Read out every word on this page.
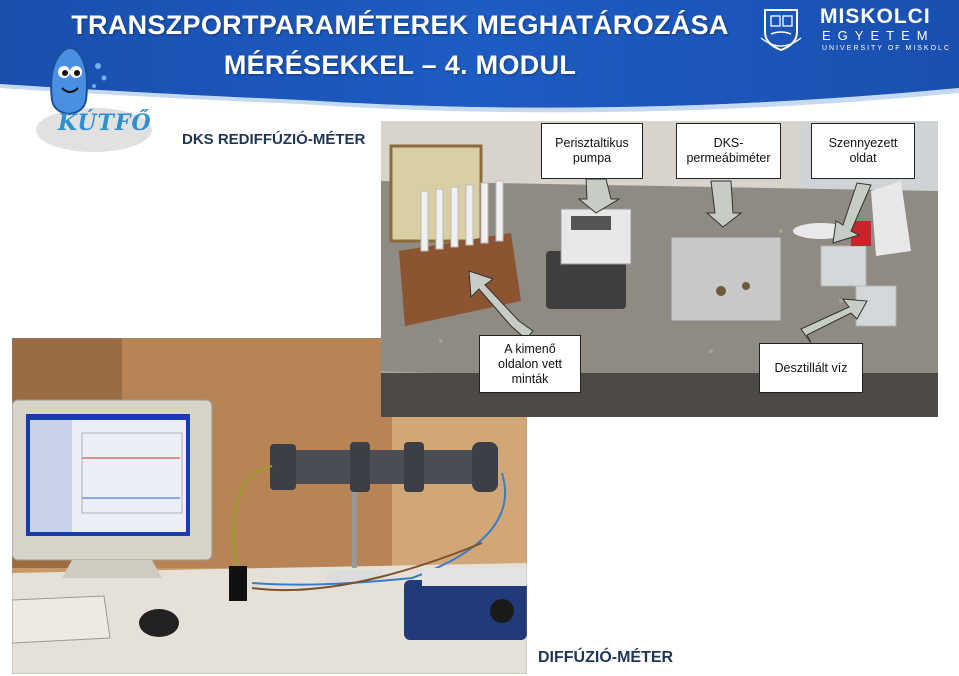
TRANSZPORTPARAMÉTEREK MEGHATÁROZÁSA
MÉRÉSEKKEL – 4. MODUL
KÚTFŐ
MISKOLCI
EGYETEM
UNIVERSITY OF MISKOLC
DKS REDIFFÚZIÓ-MÉTER	Perisztaltikus pumpa
DKS-permeábiméter
Szennyezett oldat
A kimenő oldalon vett minták
Desztillált víz
DIFFÚZIÓ-MÉTER
